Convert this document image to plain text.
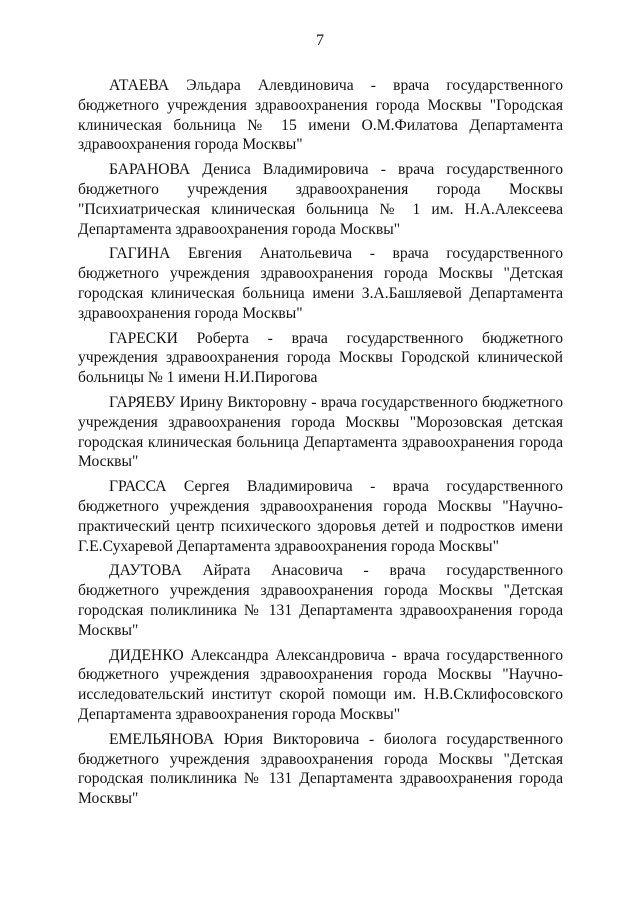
7

АТАЕВА Эльдара Алевдиновича - врача государственного бюджетного учреждения здравоохранения города Москвы "Городская клиническая больница № 15 имени О.М.Филатова Департамента здравоохранения города Москвы"

БАРАНОВА Дениса Владимировича - врача государственного бюджетного учреждения здравоохранения города Москвы "Психиатрическая клиническая больница № 1 им. Н.А.Алексеева Департамента здравоохранения города Москвы"

ГАГИНА Евгения Анатольевича - врача государственного бюджетного учреждения здравоохранения города Москвы "Детская городская клиническая больница имени З.А.Башляевой Департамента здравоохранения города Москвы"

ГАРЕСКИ Роберта - врача государственного бюджетного учреждения здравоохранения города Москвы Городской клинической больницы № 1 имени Н.И.Пирогова

ГАРЯЕВУ Ирину Викторовну - врача государственного бюджетного учреждения здравоохранения города Москвы "Морозовская детская городская клиническая больница Департамента здравоохранения города Москвы"

ГРАССА Сергея Владимировича - врача государственного бюджетного учреждения здравоохранения города Москвы "Научно-практический центр психического здоровья детей и подростков имени Г.Е.Сухаревой Департамента здравоохранения города Москвы"

ДАУТОВА Айрата Анасовича - врача государственного бюджетного учреждения здравоохранения города Москвы "Детская городская поликлиника № 131 Департамента здравоохранения города Москвы"

ДИДЕНКО Александра Александровича - врача государственного бюджетного учреждения здравоохранения города Москвы "Научно-исследовательский институт скорой помощи им. Н.В.Склифосовского Департамента здравоохранения города Москвы"

ЕМЕЛЬЯНОВА Юрия Викторовича - биолога государственного бюджетного учреждения здравоохранения города Москвы "Детская городская поликлиника № 131 Департамента здравоохранения города Москвы"
